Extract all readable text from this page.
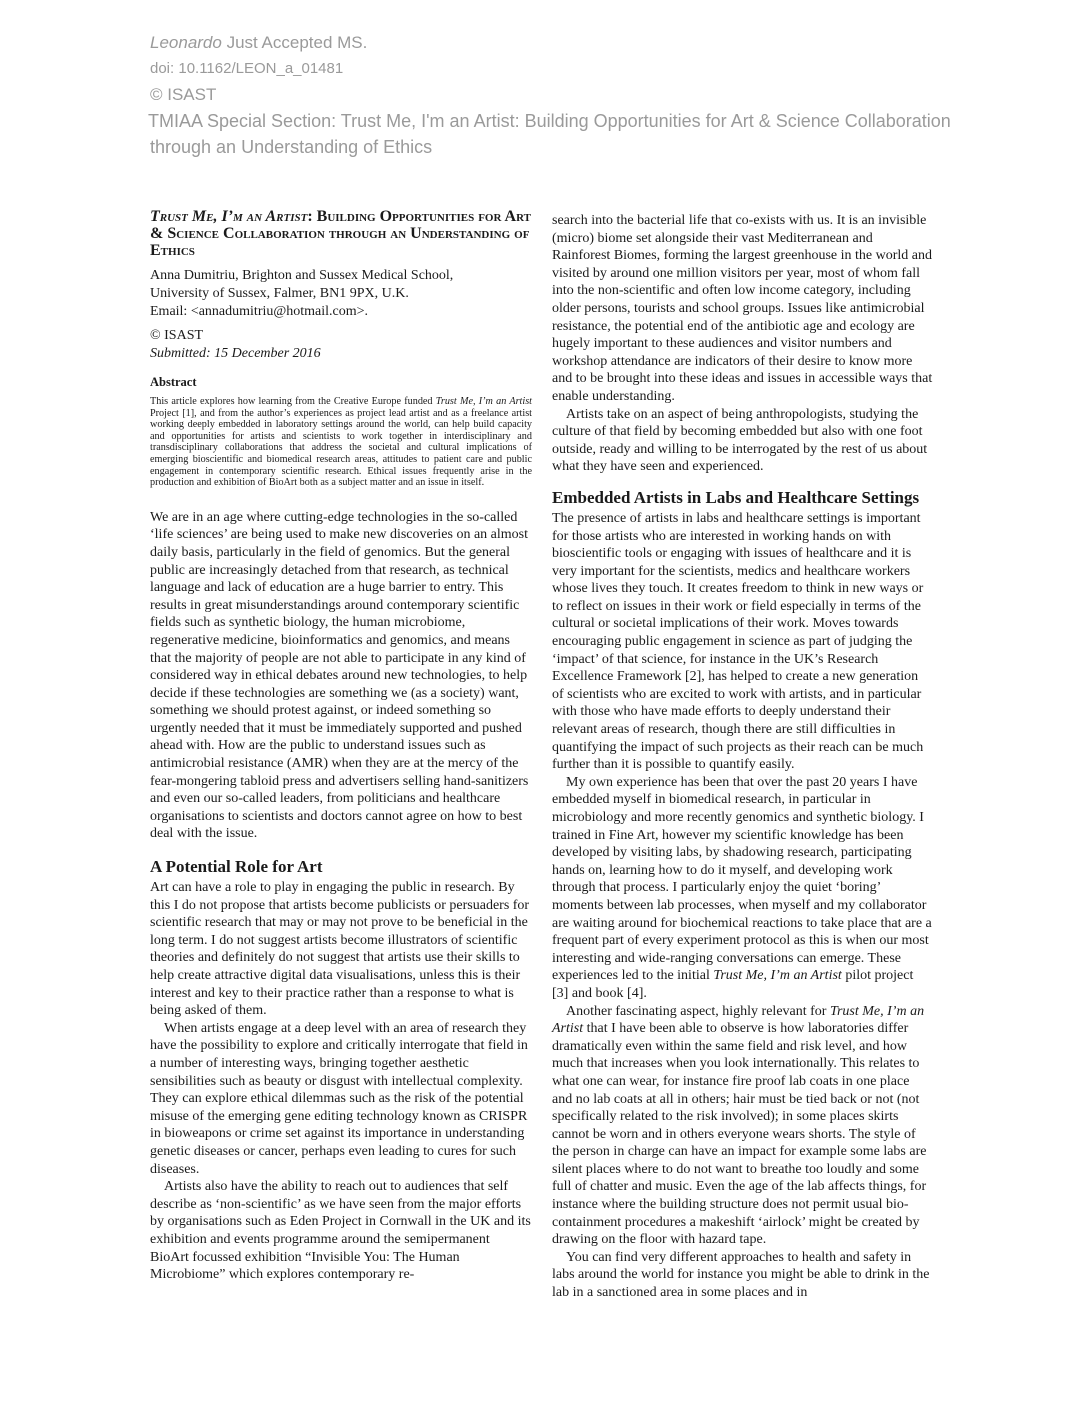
Leonardo Just Accepted MS.
doi: 10.1162/LEON_a_01481
© ISAST
TMIAA Special Section: Trust Me, I'm an Artist: Building Opportunities for Art & Science Collaboration
through an Understanding of Ethics
Trust Me, I’m an Artist: Building Opportunities for Art & Science Collaboration through an Understanding of Ethics
Anna Dumitriu, Brighton and Sussex Medical School,
University of Sussex, Falmer, BN1 9PX, U.K.
Email: <annadumitriu@hotmail.com>.

© ISAST

Submitted: 15 December 2016

Abstract

This article explores how learning from the Creative Europe funded Trust Me, I’m an Artist Project [1], and from the author’s experiences as project lead artist and as a freelance artist working deeply embedded in laboratory settings around the world, can help build capacity and opportunities for artists and scientists to work together in interdisciplinary and transdisciplinary collaborations that address the societal and cultural implications of emerging bioscientific and biomedical research areas, attitudes to patient care and public engagement in contemporary scientific research. Ethical issues frequently arise in the production and exhibition of BioArt both as a subject matter and an issue in itself.

We are in an age where cutting-edge technologies in the so-called ‘life sciences’ are being used to make new discoveries on an almost daily basis, particularly in the field of genomics. But the general public are increasingly detached from that research, as technical language and lack of education are a huge barrier to entry. This results in great misunderstandings around contemporary scientific fields such as synthetic biology, the human microbiome, regenerative medicine, bioinformatics and genomics, and means that the majority of people are not able to participate in any kind of considered way in ethical debates around new technologies, to help decide if these technologies are something we (as a society) want, something we should protest against, or indeed something so urgently needed that it must be immediately supported and pushed ahead with. How are the public to understand issues such as antimicrobial resistance (AMR) when they are at the mercy of the fear-mongering tabloid press and advertisers selling hand-sanitizers and even our so-called leaders, from politicians and healthcare organisations to scientists and doctors cannot agree on how to best deal with the issue.

A Potential Role for Art

Art can have a role to play in engaging the public in research. By this I do not propose that artists become publicists or persuaders for scientific research that may or may not prove to be beneficial in the long term. I do not suggest artists become illustrators of scientific theories and definitely do not suggest that artists use their skills to help create attractive digital data visualisations, unless this is their interest and key to their practice rather than a response to what is being asked of them.

When artists engage at a deep level with an area of research they have the possibility to explore and critically interrogate that field in a number of interesting ways, bringing together aesthetic sensibilities such as beauty or disgust with intellectual complexity. They can explore ethical dilemmas such as the risk of the potential misuse of the emerging gene editing technology known as CRISPR in bioweapons or crime set against its importance in understanding genetic diseases or cancer, perhaps even leading to cures for such diseases.

Artists also have the ability to reach out to audiences that self describe as ‘non-scientific’ as we have seen from the major efforts by organisations such as Eden Project in Cornwall in the UK and its exhibition and events programme around the semipermanent BioArt focussed exhibition “Invisible You: The Human Microbiome” which explores contemporary re-

search into the bacterial life that co-exists with us. It is an invisible (micro) biome set alongside their vast Mediterranean and Rainforest Biomes, forming the largest greenhouse in the world and visited by around one million visitors per year, most of whom fall into the non-scientific and often low income category, including older persons, tourists and school groups. Issues like antimicrobial resistance, the potential end of the antibiotic age and ecology are hugely important to these audiences and visitor numbers and workshop attendance are indicators of their desire to know more and to be brought into these ideas and issues in accessible ways that enable understanding.

Artists take on an aspect of being anthropologists, studying the culture of that field by becoming embedded but also with one foot outside, ready and willing to be interrogated by the rest of us about what they have seen and experienced.

Embedded Artists in Labs and Healthcare Settings

The presence of artists in labs and healthcare settings is important for those artists who are interested in working hands on with bioscientific tools or engaging with issues of healthcare and it is very important for the scientists, medics and healthcare workers whose lives they touch. It creates freedom to think in new ways or to reflect on issues in their work or field especially in terms of the cultural or societal implications of their work. Moves towards encouraging public engagement in science as part of judging the ‘impact’ of that science, for instance in the UK’s Research Excellence Framework [2], has helped to create a new generation of scientists who are excited to work with artists, and in particular with those who have made efforts to deeply understand their relevant areas of research, though there are still difficulties in quantifying the impact of such projects as their reach can be much further than it is possible to quantify easily.

My own experience has been that over the past 20 years I have embedded myself in biomedical research, in particular in microbiology and more recently genomics and synthetic biology. I trained in Fine Art, however my scientific knowledge has been developed by visiting labs, by shadowing research, participating hands on, learning how to do it myself, and developing work through that process. I particularly enjoy the quiet ‘boring’ moments between lab processes, when myself and my collaborator are waiting around for biochemical reactions to take place that are a frequent part of every experiment protocol as this is when our most interesting and wide-ranging conversations can emerge. These experiences led to the initial Trust Me, I’m an Artist pilot project [3] and book [4].

Another fascinating aspect, highly relevant for Trust Me, I’m an Artist that I have been able to observe is how laboratories differ dramatically even within the same field and risk level, and how much that increases when you look internationally. This relates to what one can wear, for instance fire proof lab coats in one place and no lab coats at all in others; hair must be tied back or not (not specifically related to the risk involved); in some places skirts cannot be worn and in others everyone wears shorts. The style of the person in charge can have an impact for example some labs are silent places where to do not want to breathe too loudly and some full of chatter and music. Even the age of the lab affects things, for instance where the building structure does not permit usual bio-containment procedures a makeshift ‘airlock’ might be created by drawing on the floor with hazard tape.

You can find very different approaches to health and safety in labs around the world for instance you might be able to drink in the lab in a sanctioned area in some places and in
